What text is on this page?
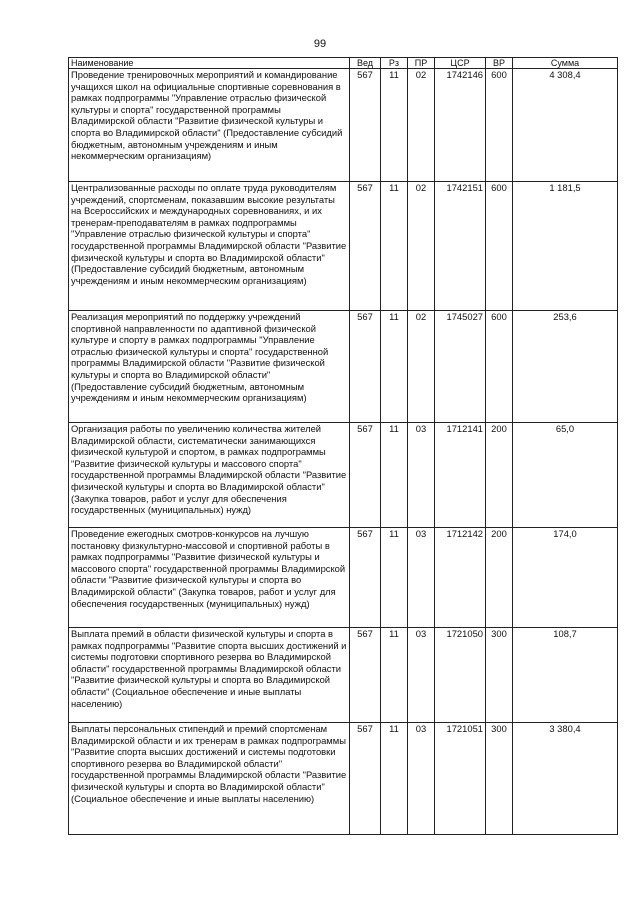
99
Наименование	Вед	Рз	ПР	ЦСР	ВР	Сумма
Проведение тренировочных мероприятий и командирование учащихся школ на официальные спортивные соревнования в рамках подпрограммы "Управление отраслью физической культуры и спорта" государственной программы Владимирской области "Развитие физической культуры и спорта во Владимирской области" (Предоставление субсидий бюджетным, автономным учреждениям и иным некоммерческим организациям)	567	11	02	1742146	600	4 308,4
Централизованные расходы по оплате труда руководителям учреждений, спортсменам, показавшим высокие результаты на Всероссийских и международных соревнованиях, и их тренерам-преподавателям в рамках подпрограммы "Управление отраслью физической культуры и спорта" государственной программы Владимирской области "Развитие физической культуры и спорта во Владимирской области" (Предоставление субсидий бюджетным, автономным учреждениям и иным некоммерческим организациям)	567	11	02	1742151	600	1 181,5
Реализация мероприятий по поддержку учреждений спортивной направленности по адаптивной физической культуре и спорту в рамках подпрограммы "Управление отраслью физической культуры и спорта" государственной программы Владимирской области "Развитие физической культуры и спорта во Владимирской области" (Предоставление субсидий бюджетным, автономным учреждениям и иным некоммерческим организациям)	567	11	02	1745027	600	253,6
Организация работы по увеличению количества жителей Владимирской области, систематически занимающихся физической культурой и спортом, в рамках подпрограммы "Развитие физической культуры и массового спорта" государственной программы Владимирской области "Развитие физической культуры и спорта во Владимирской области" (Закупка товаров, работ и услуг для обеспечения государственных (муниципальных) нужд)	567	11	03	1712141	200	65,0
Проведение ежегодных смотров-конкурсов на лучшую постановку физкультурно-массовой и спортивной работы в рамках подпрограммы "Развитие физической культуры и массового спорта" государственной программы Владимирской области "Развитие физической культуры и спорта во Владимирской области" (Закупка товаров, работ и услуг для обеспечения государственных (муниципальных) нужд)	567	11	03	1712142	200	174,0
Выплата премий в области физической культуры и спорта в рамках подпрограммы "Развитие спорта высших достижений и системы подготовки спортивного резерва во Владимирской области" государственной программы Владимирской области "Развитие физической культуры и спорта во Владимирской области" (Социальное обеспечение и иные выплаты населению)	567	11	03	1721050	300	108,7
Выплаты персональных стипендий и премий спортсменам Владимирской области и их тренерам в рамках подпрограммы "Развитие спорта высших достижений и системы подготовки спортивного резерва во Владимирской области" государственной программы Владимирской области "Развитие физической культуры и спорта во Владимирской области" (Социальное обеспечение и иные выплаты населению)	567	11	03	1721051	300	3 380,4
